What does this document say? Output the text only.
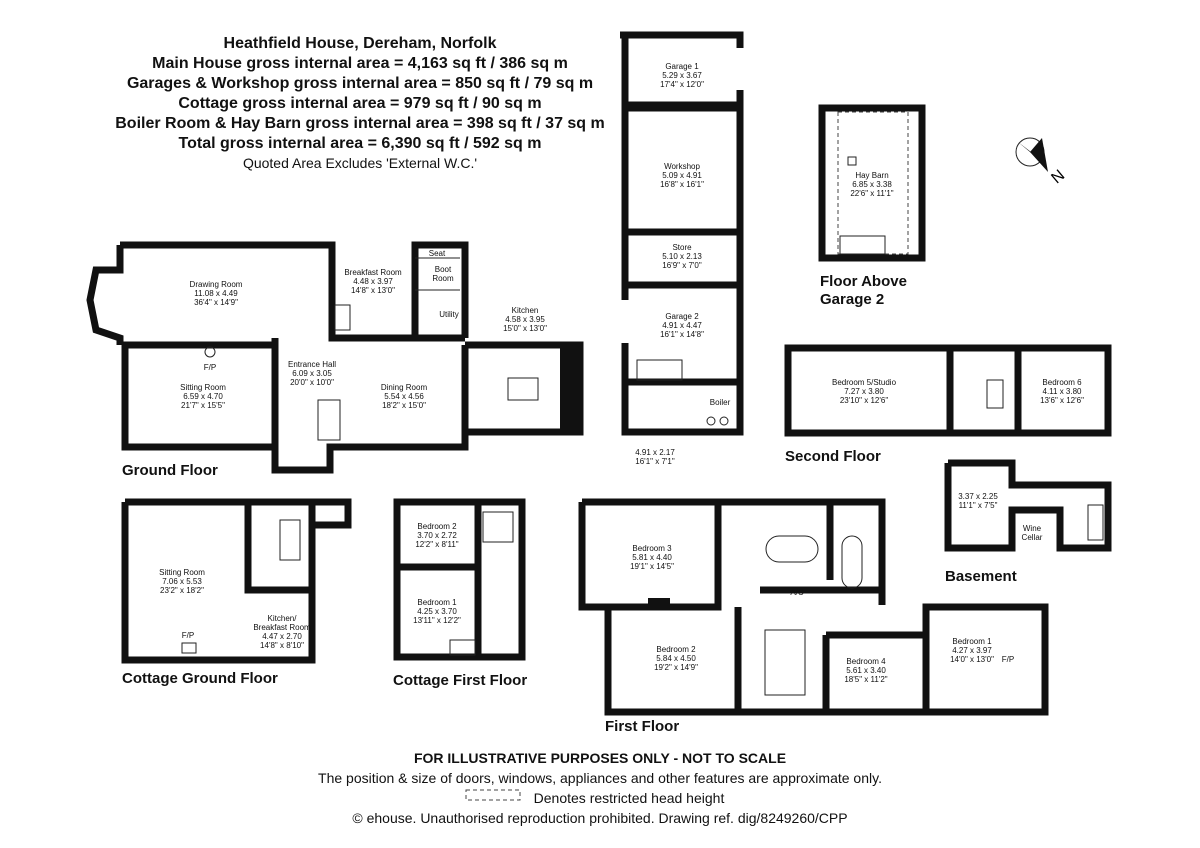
Heathfield House, Dereham, Norfolk
Main House gross internal area = 4,163 sq ft / 386 sq m
Garages & Workshop gross internal area = 850 sq ft / 79 sq m
Cottage gross internal area = 979 sq ft / 90 sq m
Boiler Room & Hay Barn gross internal area = 398 sq ft / 37 sq m
Total gross internal area = 6,390 sq ft / 592 sq m
Quoted Area Excludes 'External W.C.'
N
Ground Floor
First Floor
Second Floor
Basement
Cottage Ground Floor	Cottage First Floor
Floor Above
Garage 2
Drawing Room
11.08 x 4.49
36'4" x 14'9"
Breakfast Room
4.48 x 3.97
14'8" x 13'0"
Seat
Boot
Room
Utility	Kitchen
4.58 x 3.95
15'0" x 13'0"
Sitting Room
6.59 x 4.70
21'7" x 15'5"
F/P	Entrance Hall
6.09 x 3.05
20'0" x 10'0"
Dining Room
5.54 x 4.56
18'2" x 15'0"
Garage 1
5.29 x 3.67
17'4" x 12'0"
Workshop
5.09 x 4.91
16'8" x 16'1"
Store
5.10 x 2.13
16'9" x 7'0"
Garage 2
4.91 x 4.47
16'1" x 14'8"
Boiler
4.91 x 2.17
16'1" x 7'1"
Hay Barn
6.85 x 3.38
22'6" x 11'1"
Bedroom 5/Studio
7.27 x 3.80
23'10" x 12'6"
Bedroom 6
4.11 x 3.80
13'6" x 12'6"
3.37 x 2.25
11'1" x 7'5"
Wine
Cellar
Sitting Room
7.06 x 5.53
23'2" x 18'2"
F/P
Kitchen/
Breakfast Room
4.47 x 2.70
14'8" x 8'10"
Bedroom 2
3.70 x 2.72
12'2" x 8'11"
Bedroom 1
4.25 x 3.70
13'11" x 12'2"
Bedroom 3
5.81 x 4.40
19'1" x 14'5"
A/C
Bedroom 2
5.84 x 4.50
19'2" x 14'9"
Bedroom 4
5.61 x 3.40
18'5" x 11'2"
Bedroom 1
4.27 x 3.97
14'0" x 13'0" F/P
FOR ILLUSTRATIVE PURPOSES ONLY - NOT TO SCALE
The position & size of doors, windows, appliances and other features are approximate only.
Denotes restricted head height
© ehouse. Unauthorised reproduction prohibited. Drawing ref. dig/8249260/CPP
